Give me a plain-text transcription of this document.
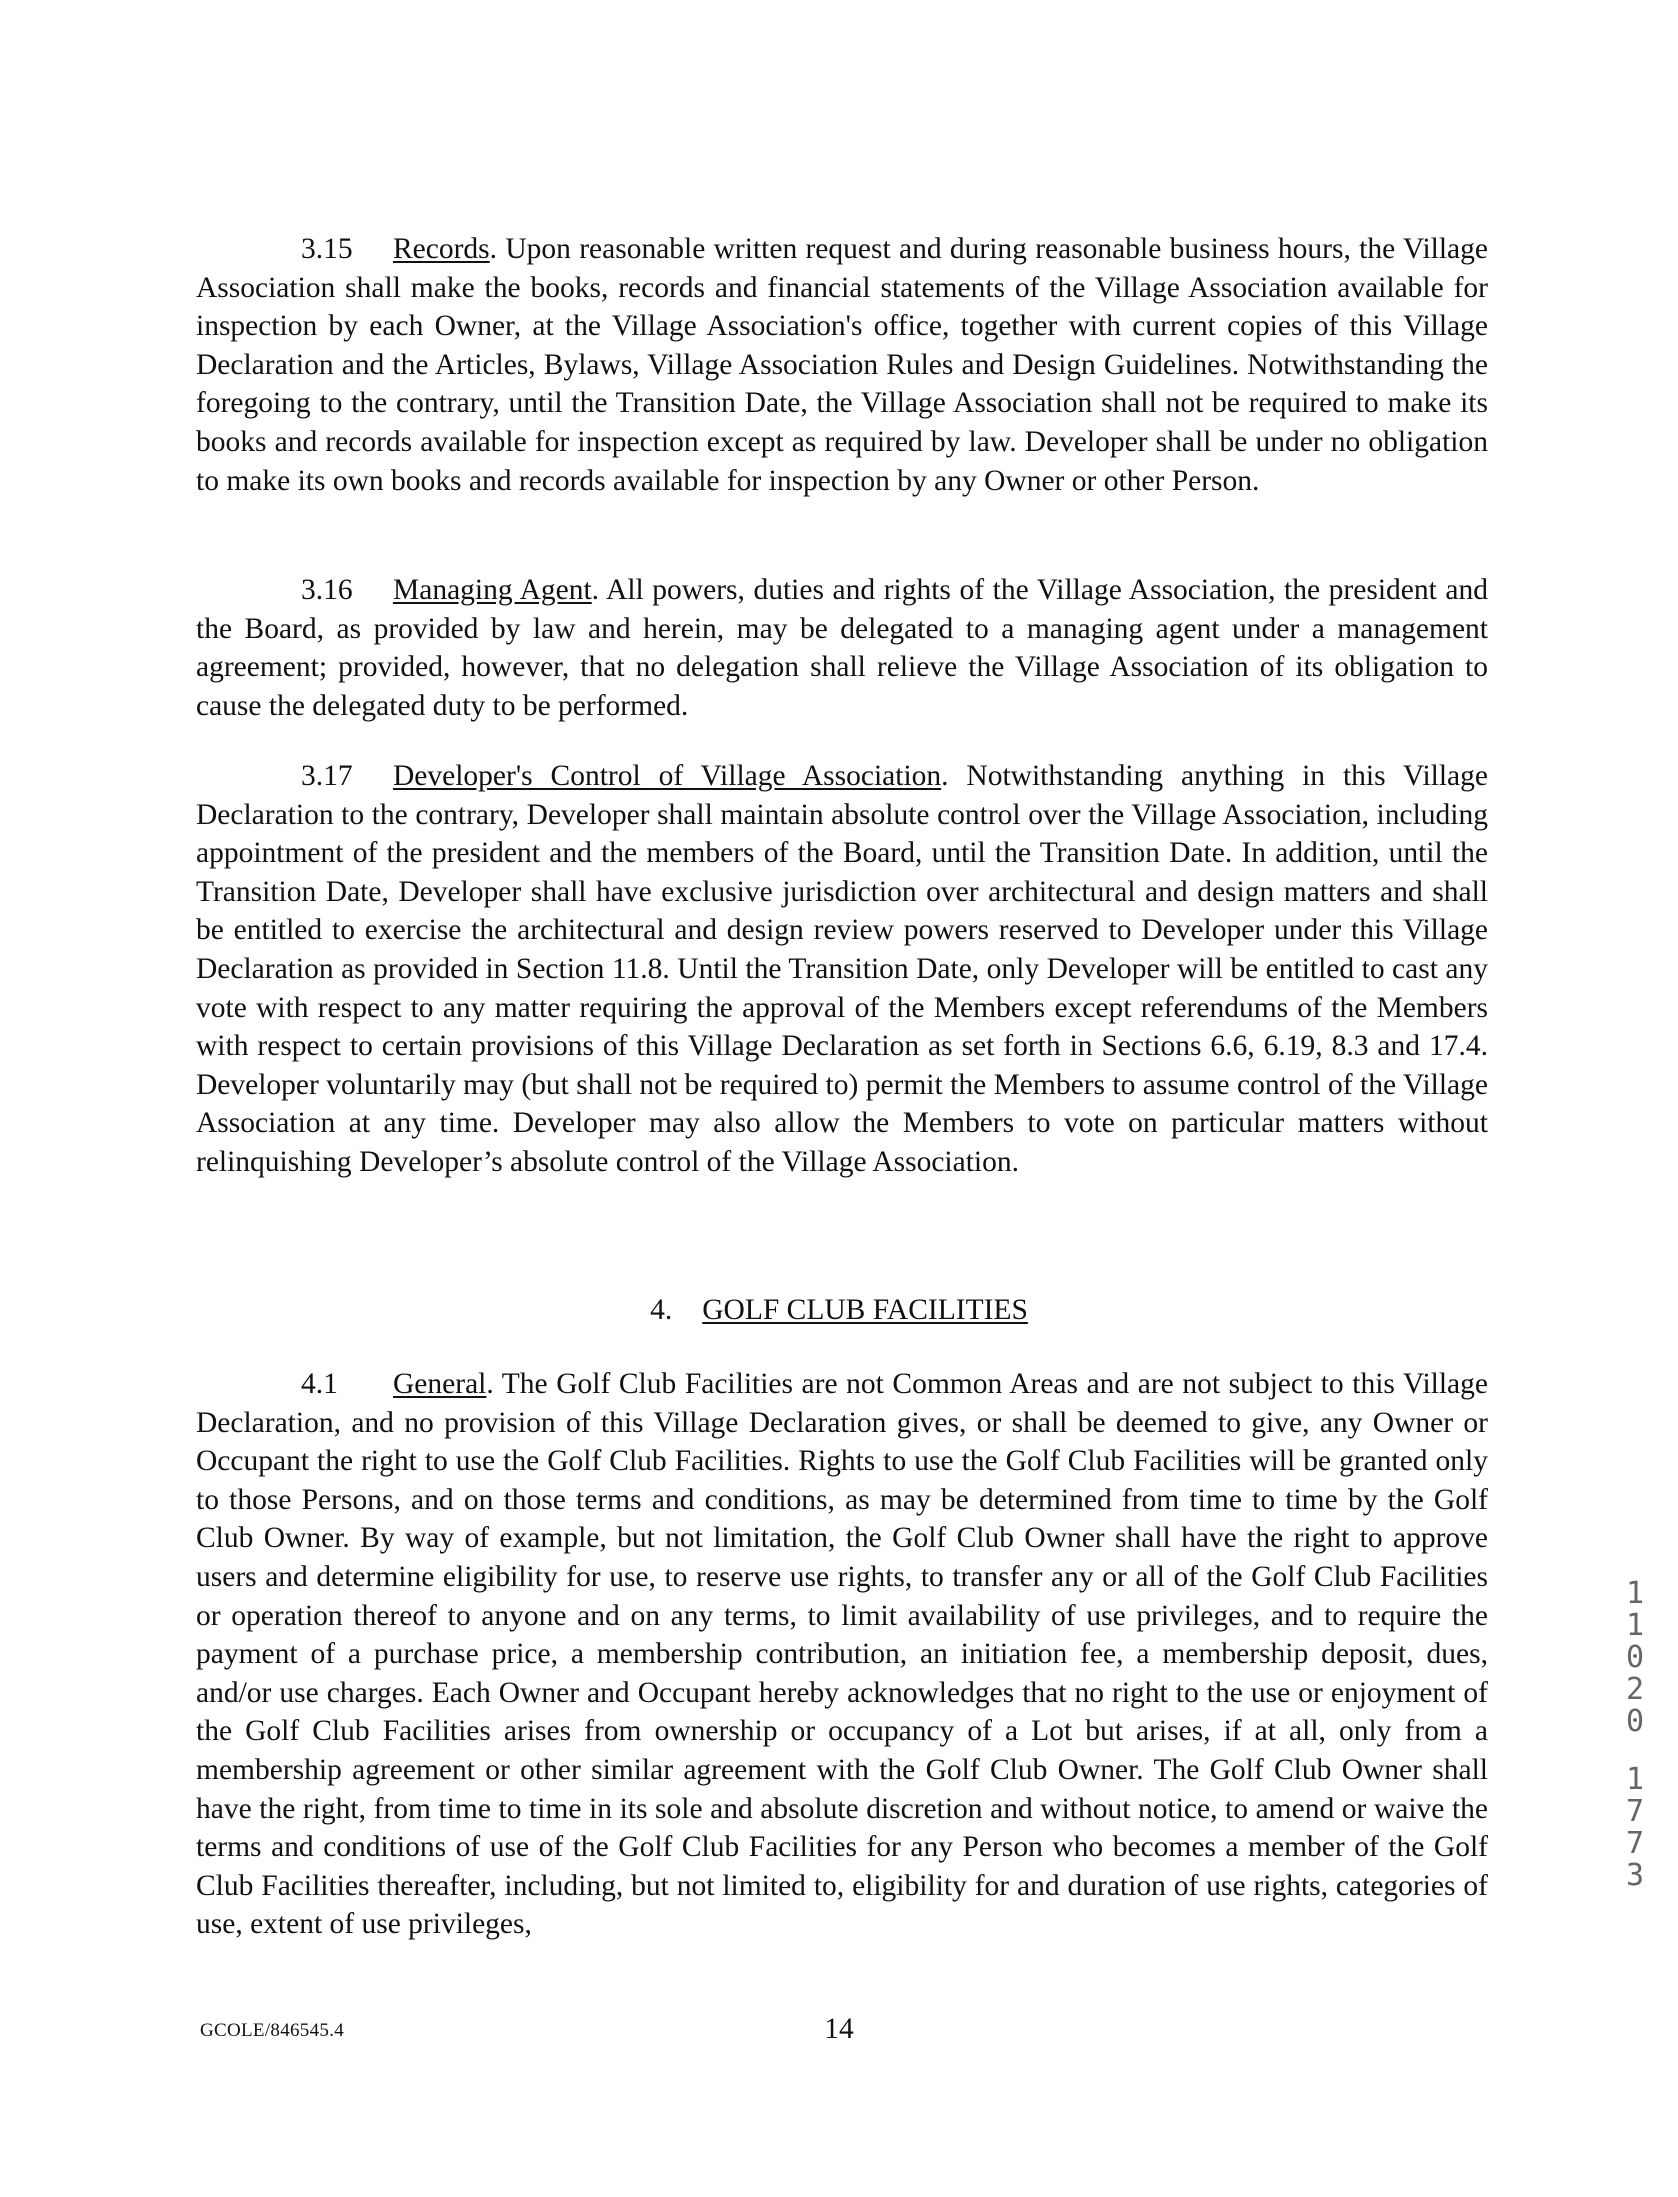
3.15 Records. Upon reasonable written request and during reasonable business hours, the Village Association shall make the books, records and financial statements of the Village Association available for inspection by each Owner, at the Village Association's office, together with current copies of this Village Declaration and the Articles, Bylaws, Village Association Rules and Design Guidelines. Notwithstanding the foregoing to the contrary, until the Transition Date, the Village Association shall not be required to make its books and records available for inspection except as required by law. Developer shall be under no obligation to make its own books and records available for inspection by any Owner or other Person.

3.16 Managing Agent. All powers, duties and rights of the Village Association, the president and the Board, as provided by law and herein, may be delegated to a managing agent under a management agreement; provided, however, that no delegation shall relieve the Village Association of its obligation to cause the delegated duty to be performed.

3.17 Developer's Control of Village Association. Notwithstanding anything in this Village Declaration to the contrary, Developer shall maintain absolute control over the Village Association, including appointment of the president and the members of the Board, until the Transition Date. In addition, until the Transition Date, Developer shall have exclusive jurisdiction over architectural and design matters and shall be entitled to exercise the architectural and design review powers reserved to Developer under this Village Declaration as provided in Section 11.8. Until the Transition Date, only Developer will be entitled to cast any vote with respect to any matter requiring the approval of the Members except referendums of the Members with respect to certain provisions of this Village Declaration as set forth in Sections 6.6, 6.19, 8.3 and 17.4. Developer voluntarily may (but shall not be required to) permit the Members to assume control of the Village Association at any time. Developer may also allow the Members to vote on particular matters without relinquishing Developer’s absolute control of the Village Association.

4. GOLF CLUB FACILITIES

4.1 General. The Golf Club Facilities are not Common Areas and are not subject to this Village Declaration, and no provision of this Village Declaration gives, or shall be deemed to give, any Owner or Occupant the right to use the Golf Club Facilities. Rights to use the Golf Club Facilities will be granted only to those Persons, and on those terms and conditions, as may be determined from time to time by the Golf Club Owner. By way of example, but not limitation, the Golf Club Owner shall have the right to approve users and determine eligibility for use, to reserve use rights, to transfer any or all of the Golf Club Facilities or operation thereof to anyone and on any terms, to limit availability of use privileges, and to require the payment of a purchase price, a membership contribution, an initiation fee, a membership deposit, dues, and/or use charges. Each Owner and Occupant hereby acknowledges that no right to the use or enjoyment of the Golf Club Facilities arises from ownership or occupancy of a Lot but arises, if at all, only from a membership agreement or other similar agreement with the Golf Club Owner. The Golf Club Owner shall have the right, from time to time in its sole and absolute discretion and without notice, to amend or waive the terms and conditions of use of the Golf Club Facilities for any Person who becomes a member of the Golf Club Facilities thereafter, including, but not limited to, eligibility for and duration of use rights, categories of use, extent of use privileges,

1
1
0
2
0
1
7
7
3
GCOLE/846545.4	14
